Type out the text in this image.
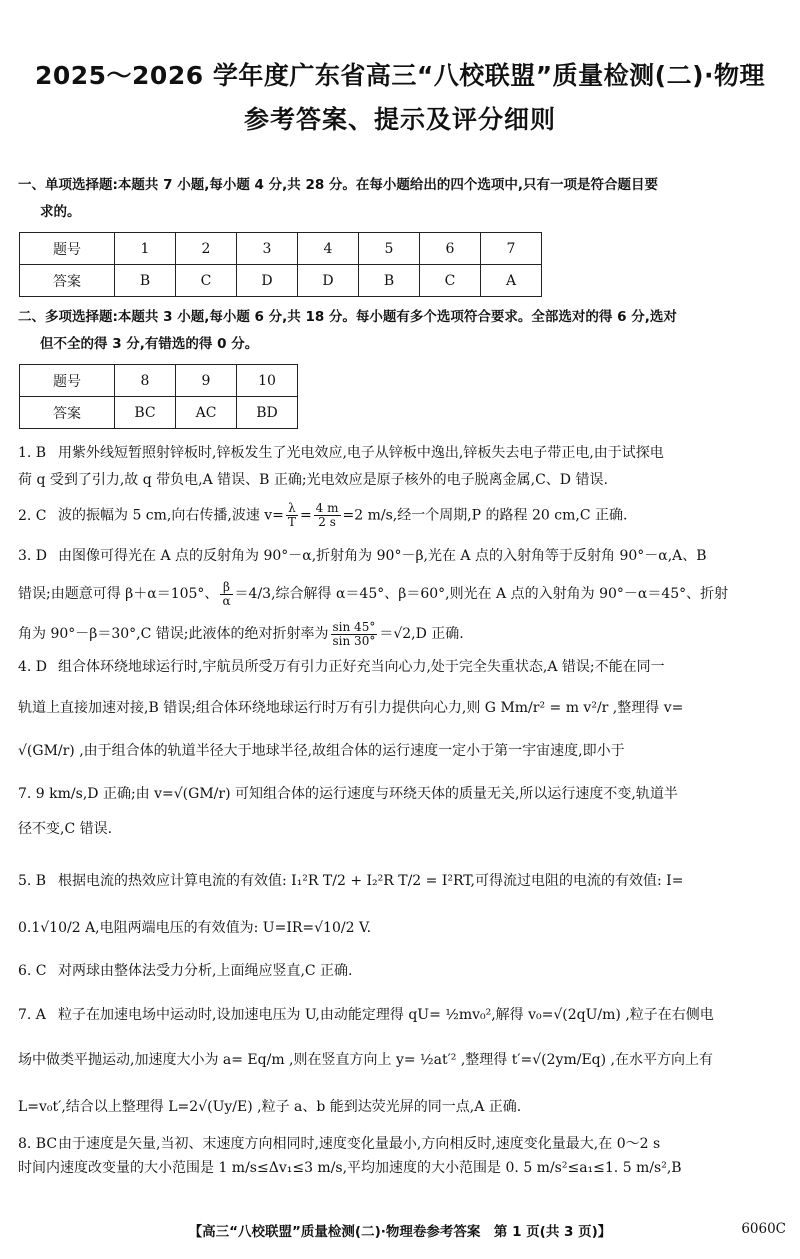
2025～2026 学年度广东省高三“八校联盟”质量检测(二)·物理
参考答案、提示及评分细则
一、单项选择题:本题共 7 小题,每小题 4 分,共 28 分。在每小题给出的四个选项中,只有一项是符合题目要
求的。
题号	1	2	3	4	5	6	7
答案	B	C	D	D	B	C	A
二、多项选择题:本题共 3 小题,每小题 6 分,共 18 分。每小题有多个选项符合要求。全部选对的得 6 分,选对
但不全的得 3 分,有错选的得 0 分。
题号	8	9	10
答案	BC	AC	BD
1. B 用紫外线短暂照射锌板时,锌板发生了光电效应,电子从锌板中逸出,锌板失去电子带正电,由于试探电
荷 q 受到了引力,故 q 带负电,A 错误、B 正确;光电效应是原子核外的电子脱离金属,C、D 错误.
2. C 波的振幅为 5 cm,向右传播,波速 $v= \frac{\lambda}{T} = \frac{4 m}{2 s} =2$ m/s,经一个周期,P 的路程 20 cm,C 正确.
3. D 由图像可得光在 A 点的反射角为 90°－α,折射角为 90°－β,光在 A 点的入射角等于反射角 90°－α,A、B
错误;由题意可得 β＋α＝105°、 $\frac{\beta}{\alpha} =4/3$,综合解得 α＝45°、β＝60°,则光在 A 点的入射角为 90°－α＝45°、折射
角为 90°－β＝30°,C 错误;此液体的绝对折射率为 $\frac{\sin 45^\circ}{\sin 30^\circ} =√2,D$ 正确.
4. D 组合体环绕地球运行时,宇航员所受万有引力正好充当向心力,处于完全失重状态,A 错误;不能在同一
轨道上直接加速对接,B 错误;组合体环绕地球运行时万有引力提供向心力,则 G Mm/r² = m v²/r ,整理得 v=
√(GM/r) ,由于组合体的轨道半径大于地球半径,故组合体的运行速度一定小于第一宇宙速度,即小于
7. 9 km/s,D 正确;由 v=√(GM/r) 可知组合体的运行速度与环绕天体的质量无关,所以运行速度不变,轨道半
径不变,C 错误.
5. B 根据电流的热效应计算电流的有效值: I₁²R T/2 + I₂²R T/2 = I²RT,可得流过电阻的电流的有效值: I=
0.1√10/2 A,电阻两端电压的有效值为: U=IR=√10/2 V.
6. C 对两球由整体法受力分析,上面绳应竖直,C 正确.
7. A 粒子在加速电场中运动时,设加速电压为 U,由动能定理得 qU= ½mv₀²,解得 v₀=√(2qU/m) ,粒子在右侧电
场中做类平抛运动,加速度大小为 a= Eq/m ,则在竖直方向上 y= ½at′² ,整理得 t′=√(2ym/Eq) ,在水平方向上有
L=v₀t′,结合以上整理得 L=2√(Uy/E) ,粒子 a、b 能到达荧光屏的同一点,A 正确.
8. BC由于速度是矢量,当初、末速度方向相同时,速度变化量最小,方向相反时,速度变化量最大,在 0～2 s
时间内速度改变量的大小范围是 1 m/s≤Δv₁≤3 m/s,平均加速度的大小范围是 0. 5 m/s²≤a₁≤1. 5 m/s²,B
【高三“八校联盟”质量检测(二)·物理卷参考答案　第 1 页(共 3 页)】	6060C
